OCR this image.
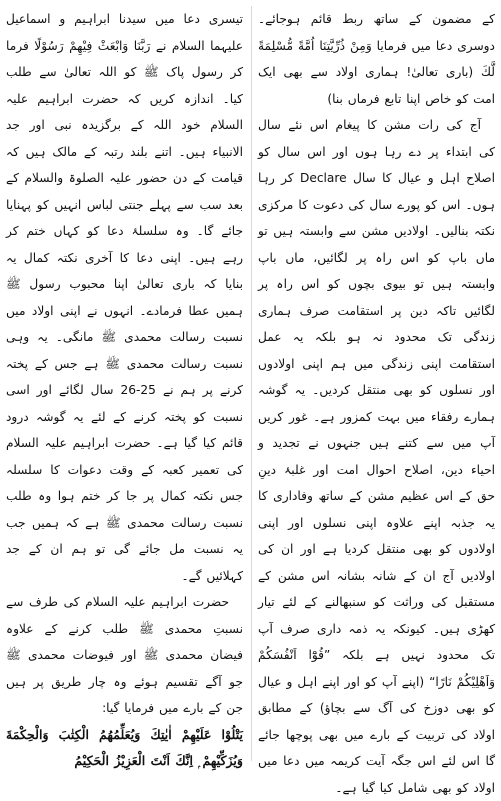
کے مضمون کے ساتھ ربط قائم ہوجائے۔ دوسری دعا میں فرمایا وَمِنْ ذُرِّيَّتِنَا اُمَّةً مُّسْلِمَةً لَّكَ (باری تعالیٰ! ہماری اولاد سے بھی ایک امت کو خاص اپنا تابع فرماں بنا)

آج کی رات مشن کا پیغام اس نئے سال کی ابتداء پر دے رہا ہوں اور اس سال کو اصلاح اہل و عیال کا سال Declare کر رہا ہوں۔ اس کو پورے سال کی دعوت کا مرکزی نکتہ بنالیں۔ اولادیں مشن سے وابستہ ہیں تو ماں باپ کو اس راہ پر لگائیں، ماں باپ وابستہ ہیں تو بیوی بچوں کو اس راہ پر لگائیں تاکہ دین پر استقامت صرف ہماری زندگی تک محدود نہ ہو بلکہ یہ عمل استقامت اپنی زندگی میں ہم اپنی اولادوں اور نسلوں کو بھی منتقل کردیں۔ یہ گوشہ ہمارے رفقاء میں بہت کمزور ہے۔ غور کریں آپ میں سے کتنے ہیں جنہوں نے تجدید و احیاء دین، اصلاح احوال امت اور غلبۂ دینِ حق کے اس عظیم مشن کے ساتھ وفاداری کا یہ جذبہ اپنے علاوہ اپنی نسلوں اور اپنی اولادوں کو بھی منتقل کردیا ہے اور ان کی اولادیں آج ان کے شانہ بشانہ اس مشن کے مستقبل کی وراثت کو سنبھالنے کے لئے تیار کھڑی ہیں۔ کیونکہ یہ ذمہ داری صرف آپ تک محدود نہیں ہے بلکہ ”قُوْٓا اَنْفُسَكُمْ وَاَهْلِيْكُمْ نَارًا“ (اپنے آپ کو اور اپنے اہل و عیال کو بھی دوزخ کی آگ سے بچاؤ) کے مطابق اولاد کی تربیت کے بارے میں بھی پوچھا جائے گا اس لئے اس جگہ آیت کریمہ میں دعا میں اولاد کو بھی شامل کیا گیا ہے۔

تیسری دعا میں سیدنا ابراہیم و اسماعیل علیہما السلام نے رَبَّنَا وَابْعَثْ فِيْهِمْ رَسُوْلًا فرما کر رسول پاک ﷺ کو اللہ تعالیٰ سے طلب کیا۔ اندازہ کریں کہ حضرت ابراہیم علیہ السلام خود اللہ کے برگزیدہ نبی اور جد الانبیاء ہیں۔ اتنے بلند رتبہ کے مالک ہیں کہ قیامت کے دن حضور علیہ الصلوۃ والسلام کے بعد سب سے پہلے جنتی لباس انہیں کو پہنایا جائے گا۔ وہ سلسلۂ دعا کو کہاں ختم کر رہے ہیں۔ اپنی دعا کا آخری نکتہ کمال یہ بنایا کہ باری تعالیٰ اپنا محبوب رسول ﷺ ہمیں عطا فرمادے۔ انہوں نے اپنی اولاد میں نسبت رسالت محمدی ﷺ مانگی۔ یہ وہی نسبت رسالت محمدی ﷺ ہے جس کے پختہ کرنے پر ہم نے 25-26 سال لگائے اور اسی نسبت کو پختہ کرنے کے لئے یہ گوشہ درود قائم کیا گیا ہے۔ حضرت ابراہیم علیہ السلام کی تعمیر کعبہ کے وقت دعوات کا سلسلہ جس نکتہ کمال پر جا کر ختم ہوا وہ طلب نسبت رسالت محمدی ﷺ ہے کہ ہمیں جب یہ نسبت مل جائے گی تو ہم ان کے جد کہلائیں گے۔

حضرت ابراہیم علیہ السلام کی طرف سے نسبتِ محمدی ﷺ طلب کرنے کے علاوہ فیضان محمدی ﷺ اور فیوضات محمدی ﷺ جو آگے تقسیم ہوئے وہ چار طریق پر ہیں جن کے بارے میں فرمایا گیا:

يَتْلُوْا عَلَيْهِمْ اٰيٰتِكَ وَيُعَلِّمُهُمُ الْكِتٰبَ وَالْحِكْمَةَ وَيُزَكِّيْهِمْ ۭ اِنَّكَ اَنْتَ الْعَزِيْزُ الْحَكِيْمُ
